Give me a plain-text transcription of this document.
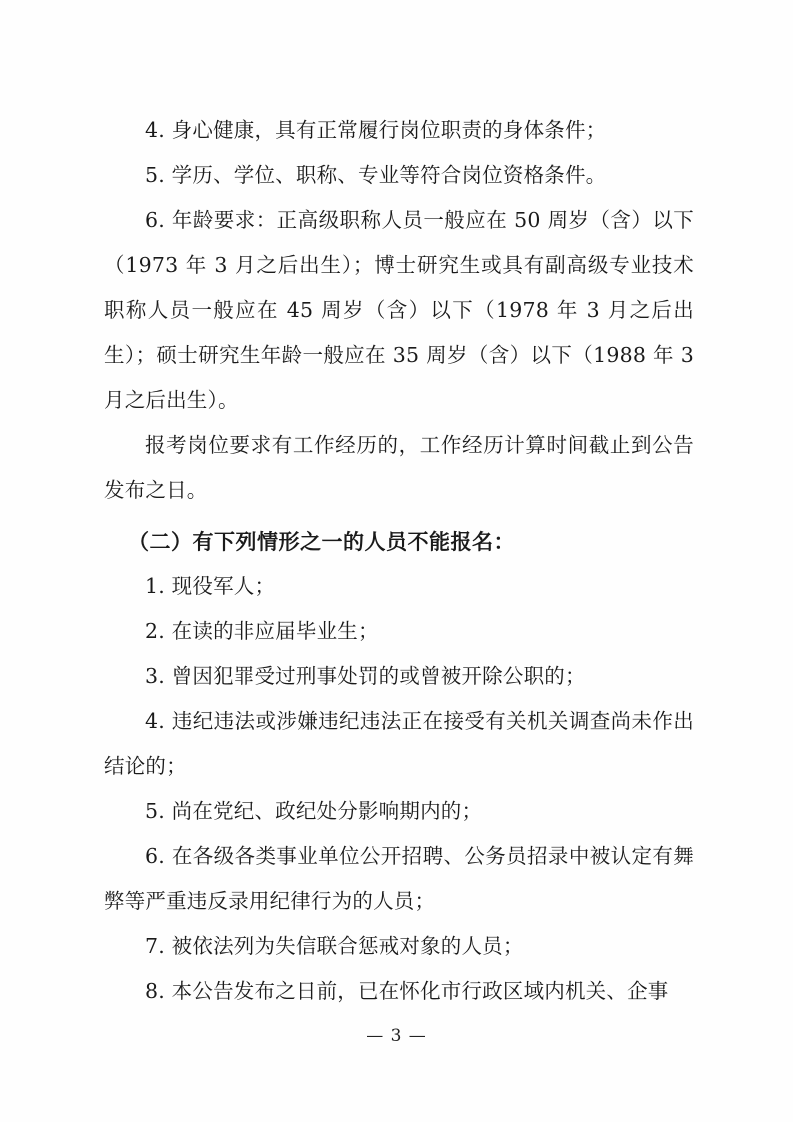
4. 身心健康，具有正常履行岗位职责的身体条件；

5. 学历、学位、职称、专业等符合岗位资格条件。

6. 年龄要求：正高级职称人员一般应在 50 周岁（含）以下（1973 年 3 月之后出生）；博士研究生或具有副高级专业技术职称人员一般应在 45 周岁（含）以下（1978 年 3 月之后出生）；硕士研究生年龄一般应在 35 周岁（含）以下（1988 年 3 月之后出生）。

报考岗位要求有工作经历的，工作经历计算时间截止到公告发布之日。

（二）有下列情形之一的人员不能报名：

1. 现役军人；

2. 在读的非应届毕业生；

3. 曾因犯罪受过刑事处罚的或曾被开除公职的；

4. 违纪违法或涉嫌违纪违法正在接受有关机关调查尚未作出结论的；

5. 尚在党纪、政纪处分影响期内的；

6. 在各级各类事业单位公开招聘、公务员招录中被认定有舞弊等严重违反录用纪律行为的人员；

7. 被依法列为失信联合惩戒对象的人员；

8. 本公告发布之日前，已在怀化市行政区域内机关、企事

— 3 —
